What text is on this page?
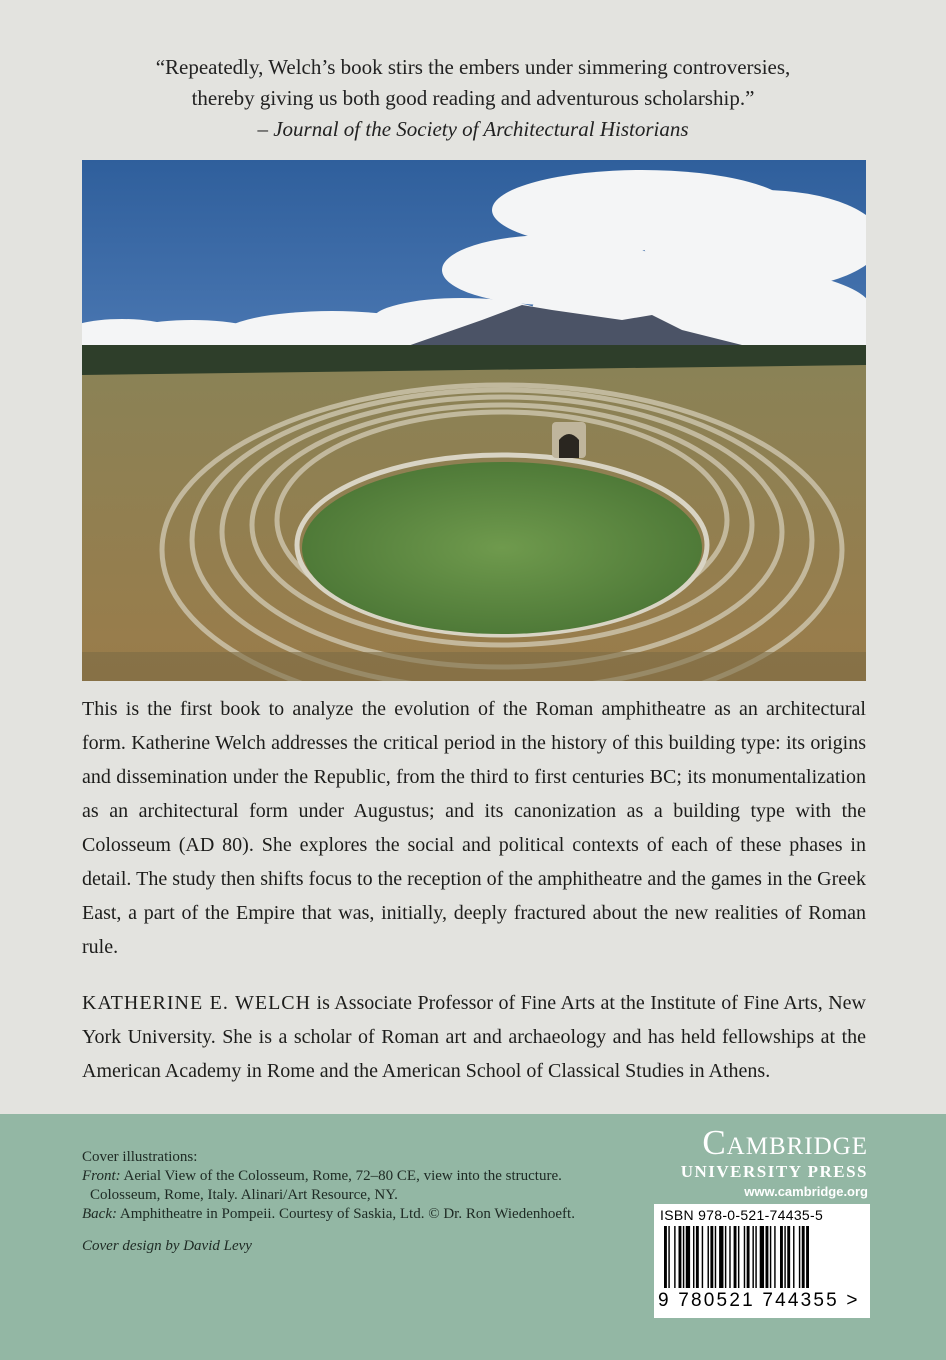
“Repeatedly, Welch’s book stirs the embers under simmering controversies,
thereby giving us both good reading and adventurous scholarship.”
– Journal of the Society of Architectural Historians

This is the first book to analyze the evolution of the Roman amphitheatre as an architectural form. Katherine Welch addresses the critical period in the history of this building type: its origins and dissemination under the Republic, from the third to first centuries BC; its monumentalization as an architectural form under Augustus; and its canonization as a building type with the Colosseum (AD 80). She explores the social and political contexts of each of these phases in detail. The study then shifts focus to the reception of the amphitheatre and the games in the Greek East, a part of the Empire that was, initially, deeply fractured about the new realities of Roman rule.

KATHERINE E. WELCH is Associate Professor of Fine Arts at the Institute of Fine Arts, New York University. She is a scholar of Roman art and archaeology and has held fellowships at the American Academy in Rome and the American School of Classical Studies in Athens.

Cover illustrations:
Front: Aerial View of the Colosseum, Rome, 72–80 CE, view into the structure.
Colosseum, Rome, Italy. Alinari/Art Resource, NY.
Back: Amphitheatre in Pompeii. Courtesy of Saskia, Ltd. © Dr. Ron Wiedenhoeft.
Cover design by David Levy
Cambridge
UNIVERSITY PRESS
www.cambridge.org
ISBN 978-0-521-74435-5
9 780521 744355 >
